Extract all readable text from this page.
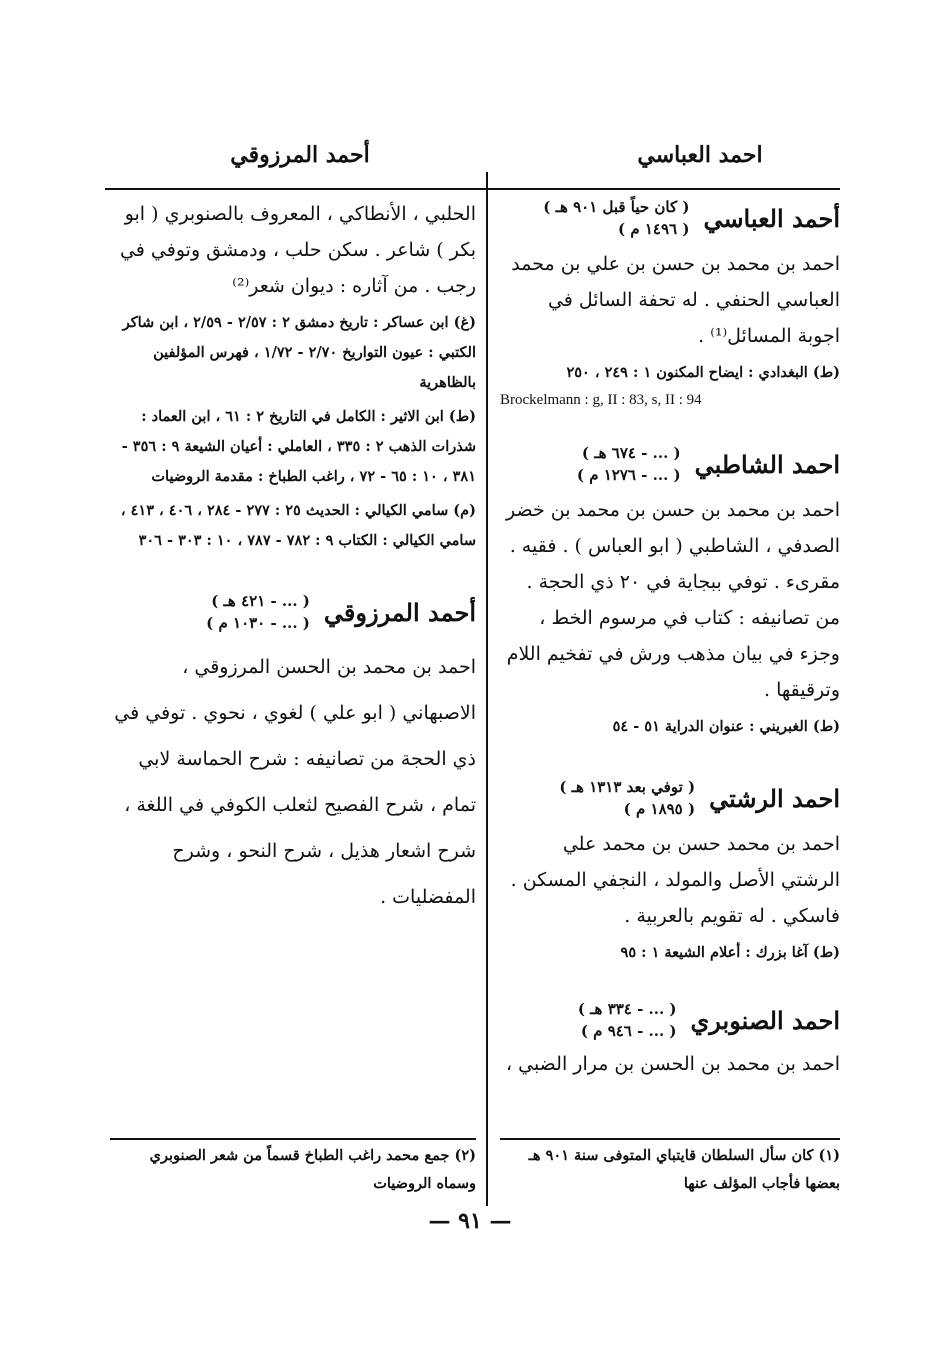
احمد العباسي
أحمد المرزوقي
أحمد العباسي
( كان حياً قبل ٩٠١ هـ )
( ١٤٩٦ م )

احمد بن محمد بن حسن بن علي بن محمد العباسي الحنفي . له تحفة السائل في اجوبة المسائل⁽¹⁾ .

(ط) البغدادي : ايضاح المكنون ١ : ٢٤٩ ، ٢٥٠

Brockelmann : g, II : 83, s, II : 94
احمد الشاطبي
( ... - ٦٧٤ هـ )
( ... - ١٢٧٦ م )

احمد بن محمد بن حسن بن محمد بن خضر الصدفي ، الشاطبي ( ابو العباس ) . فقيه . مقرىء . توفي ببجاية في ٢٠ ذي الحجة . من تصانيفه : كتاب في مرسوم الخط ، وجزء في بيان مذهب ورش في تفخيم اللام وترقيقها .

(ط) الغبريني : عنوان الدراية ٥١ - ٥٤

احمد الرشتي
( توفي بعد ١٣١٣ هـ )
( ١٨٩٥ م )

احمد بن محمد حسن بن محمد علي الرشتي الأصل والمولد ، النجفي المسكن . فاسكي . له تقويم بالعربية .

(ط) آغا بزرك : أعلام الشيعة ١ : ٩٥

احمد الصنوبري
( ... - ٣٣٤ هـ )
( ... - ٩٤٦ م )

احمد بن محمد بن الحسن بن مرار الضبي ،

الحلبي ، الأنطاكي ، المعروف بالصنوبري ( ابو بكر ) شاعر . سكن حلب ، ودمشق وتوفي في رجب . من آثاره : ديوان شعر⁽²⁾

(غ) ابن عساكر : تاريخ دمشق ٢ : ٢/٥٧ - ٢/٥٩ ، ابن شاكر الكتبي : عيون التواريخ ٢/٧٠ - ١/٧٢ ، فهرس المؤلفين بالظاهرية

(ط) ابن الاثير : الكامل في التاريخ ٢ : ٦١ ، ابن العماد : شذرات الذهب ٢ : ٣٣٥ ، العاملي : أعيان الشيعة ٩ : ٣٥٦ - ٣٨١ ، ١٠ : ٦٥ - ٧٢ ، راغب الطباخ : مقدمة الروضيات

(م) سامي الكيالي : الحديث ٢٥ : ٢٧٧ - ٢٨٤ ، ٤٠٦ ، ٤١٣ ، سامي الكيالي : الكتاب ٩ : ٧٨٢ - ٧٨٧ ، ١٠ : ٣٠٣ - ٣٠٦

أحمد المرزوقي
( ... - ٤٢١ هـ )
( ... - ١٠٣٠ م )

احمد بن محمد بن الحسن المرزوقي ، الاصبهاني ( ابو علي ) لغوي ، نحوي . توفي في ذي الحجة من تصانيفه : شرح الحماسة لابي تمام ، شرح الفصيح لثعلب الكوفي في اللغة ، شرح اشعار هذيل ، شرح النحو ، وشرح المفضليات .

(١) كان سأل السلطان قايتباي المتوفى سنة ٩٠١ هـ بعضها فأجاب المؤلف عنها
(٢) جمع محمد راغب الطباخ قسماً من شعر الصنوبري وسماه الروضيات
— ٩١ —
